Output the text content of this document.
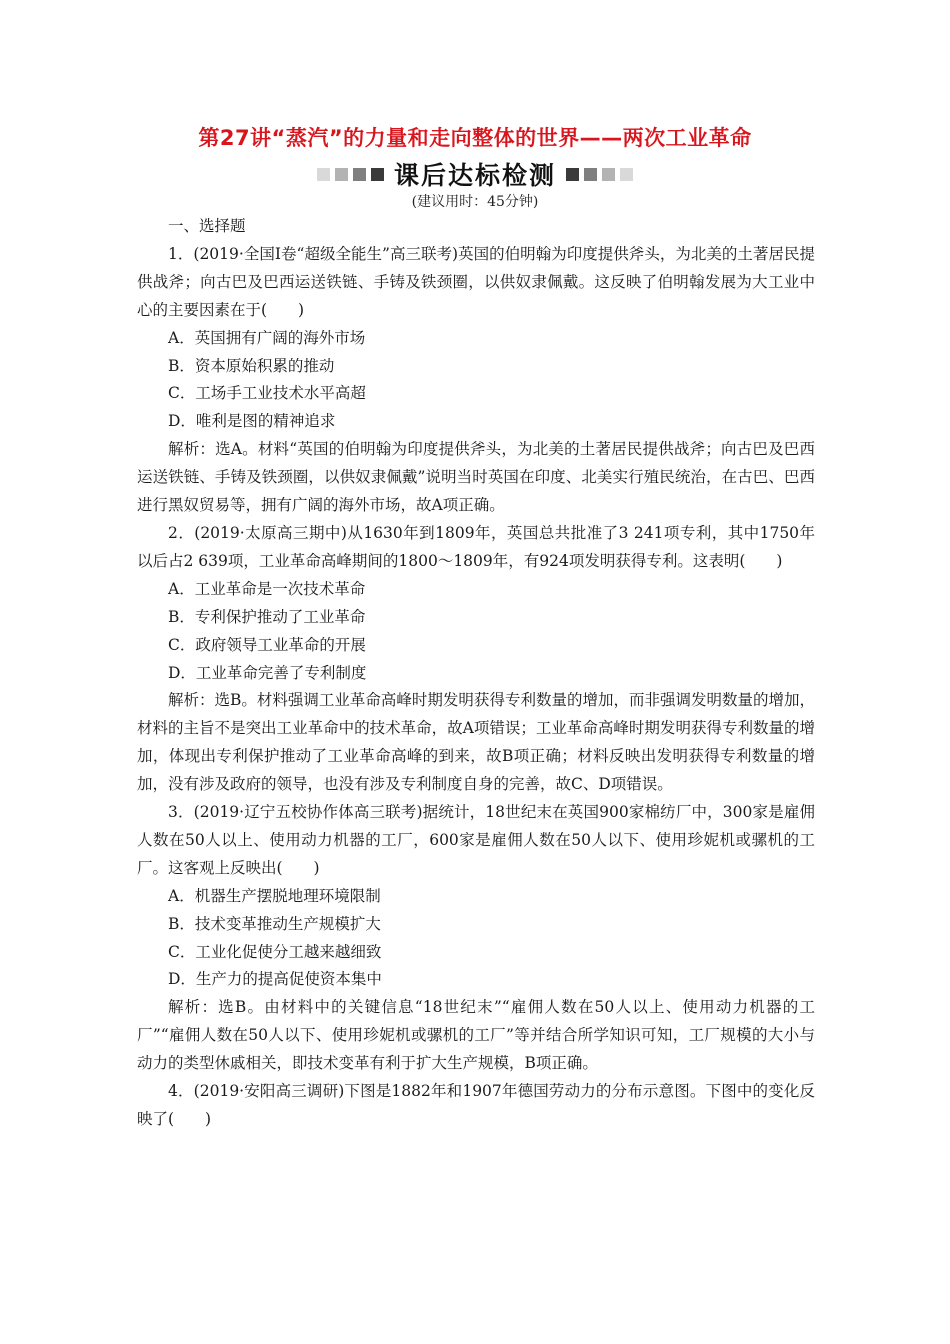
第27讲“蒸汽”的力量和走向整体的世界——两次工业革命
课后达标检测
(建议用时：45分钟)

一、选择题

1．(2019·全国Ⅰ卷“超级全能生”高三联考)英国的伯明翰为印度提供斧头，为北美的土著居民提供战斧；向古巴及巴西运送铁链、手铸及铁颈圈，以供奴隶佩戴。这反映了伯明翰发展为大工业中心的主要因素在于(　　)

A．英国拥有广阔的海外市场

B．资本原始积累的推动

C．工场手工业技术水平高超

D．唯利是图的精神追求

解析：选A。材料“英国的伯明翰为印度提供斧头，为北美的土著居民提供战斧；向古巴及巴西运送铁链、手铸及铁颈圈，以供奴隶佩戴”说明当时英国在印度、北美实行殖民统治，在古巴、巴西进行黑奴贸易等，拥有广阔的海外市场，故A项正确。

2．(2019·太原高三期中)从1630年到1809年，英国总共批准了3 241项专利，其中1750年以后占2 639项，工业革命高峰期间的1800～1809年，有924项发明获得专利。这表明(　　)

A．工业革命是一次技术革命

B．专利保护推动了工业革命

C．政府领导工业革命的开展

D．工业革命完善了专利制度

解析：选B。材料强调工业革命高峰时期发明获得专利数量的增加，而非强调发明数量的增加，材料的主旨不是突出工业革命中的技术革命，故A项错误；工业革命高峰时期发明获得专利数量的增加，体现出专利保护推动了工业革命高峰的到来，故B项正确；材料反映出发明获得专利数量的增加，没有涉及政府的领导，也没有涉及专利制度自身的完善，故C、D项错误。

3．(2019·辽宁五校协作体高三联考)据统计，18世纪末在英国900家棉纺厂中，300家是雇佣人数在50人以上、使用动力机器的工厂，600家是雇佣人数在50人以下、使用珍妮机或骡机的工厂。这客观上反映出(　　)

A．机器生产摆脱地理环境限制

B．技术变革推动生产规模扩大

C．工业化促使分工越来越细致

D．生产力的提高促使资本集中

解析：选B。由材料中的关键信息“18世纪末”“雇佣人数在50人以上、使用动力机器的工厂”“雇佣人数在50人以下、使用珍妮机或骡机的工厂”等并结合所学知识可知，工厂规模的大小与动力的类型休戚相关，即技术变革有利于扩大生产规模，B项正确。

4．(2019·安阳高三调研)下图是1882年和1907年德国劳动力的分布示意图。下图中的变化反映了(　　)
